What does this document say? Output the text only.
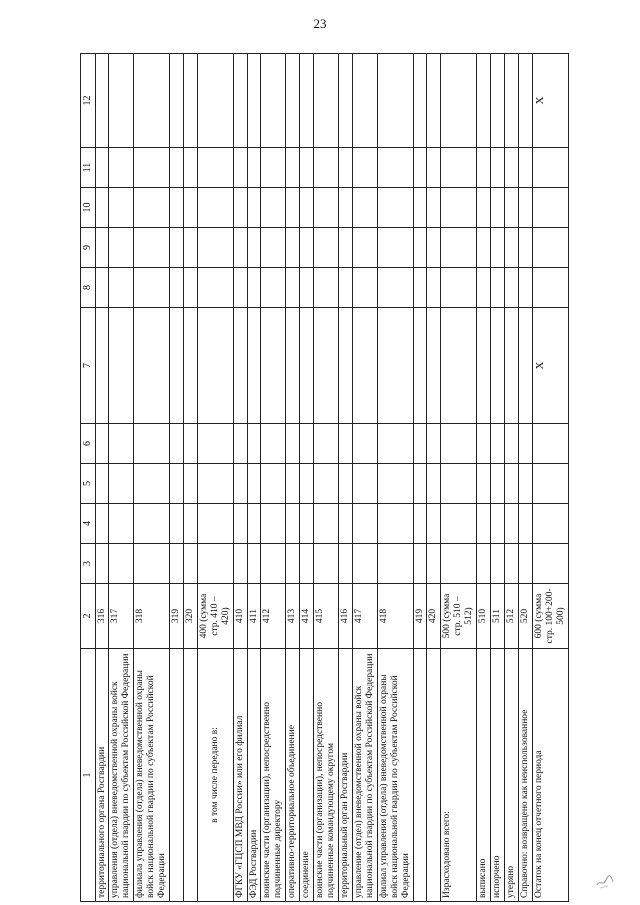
23
1	2	3	4	5	6	7	8	9	10	11	12
территориального органа Росгвардии	316										
управления (отдела) вневедомственной охраны войск национальной гвардии по субъектам Российской Федерации	317										
филиала управления (отдела) вневедомственной охраны войск национальной гвардии по субъектам Российской Федерации	318										
	319										
	320										
в том числе передано в:	400 (сумма стр. 410 – 420)										
ФГКУ «ГЦСП МВД России» или его филиал	410										
ФЭД Росгвардии	411										
воинские части (организации), непосредственно подчиненные директору	412										
оперативно-территориальное объединение	413										
соединение	414										
воинские части (организации), непосредственно подчиненные командующему округом	415										
территориальный орган Росгвардии	416										
управление (отдел) вневедомственной охраны войск национальной гвардии по субъектам Российской Федерации	417										
филиал управления (отдела) вневедомственной охраны войск национальной гвардии по субъектам Российской Федерации	418										
	419										
	420										
Израсходовано всего:	500 (сумма стр. 510 – 512)										
выписано	510										
испорчено	511										
утеряно	512										
Справочно: возвращено как неиспользованное	520										
Остаток на конец отчетного периода	600 (сумма стр. 100+200-500)					X					X
